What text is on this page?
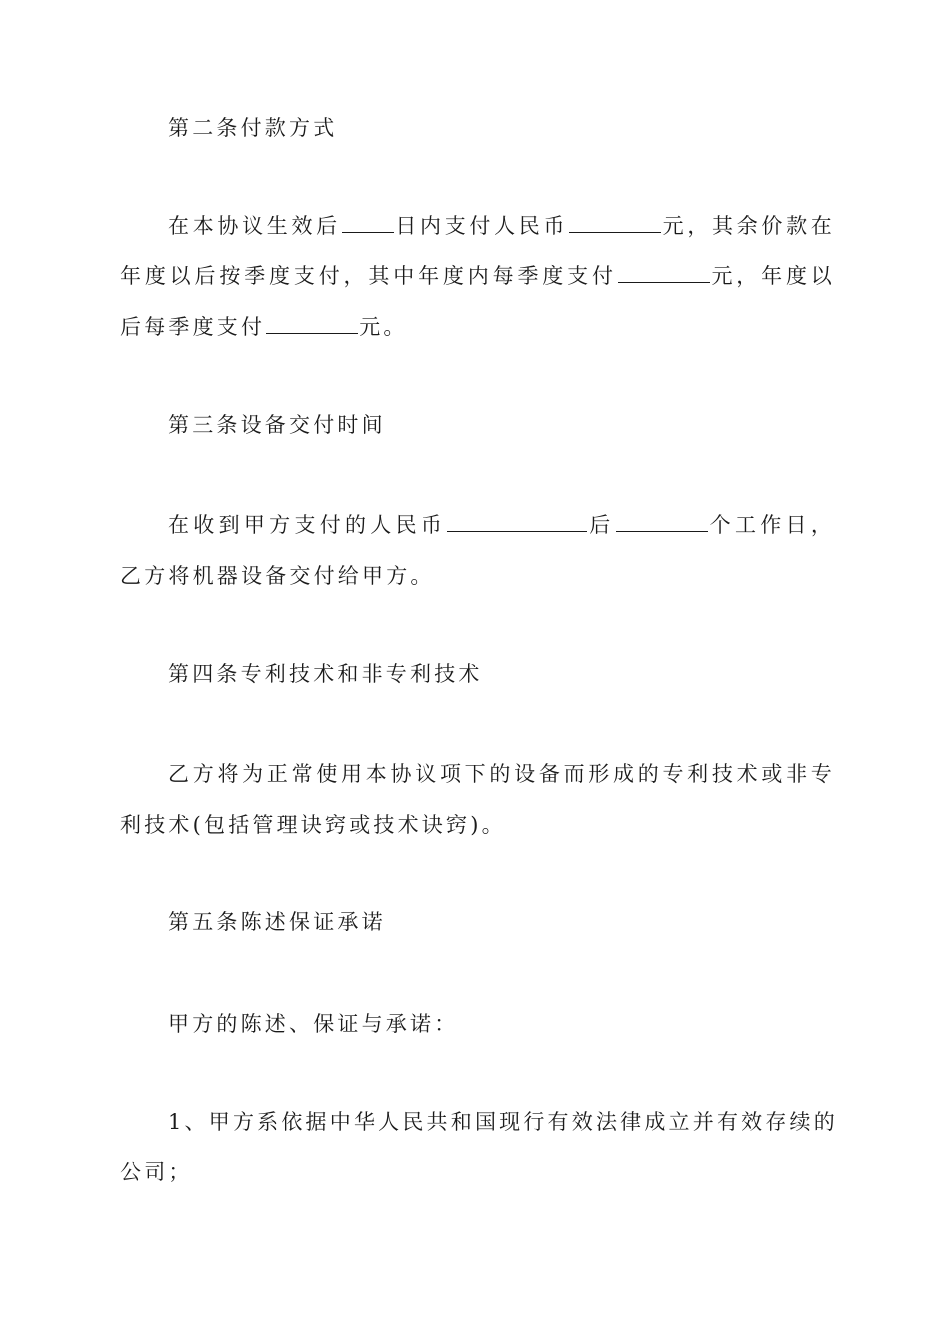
第二条付款方式
在本协议生效后	日内支付人民币	元，其余价款在
年度以后按季度支付，其中年度内每季度支付	元，年度以
后每季度支付	元。
第三条设备交付时间
在收到甲方支付的人民币	后	个工作日，
乙方将机器设备交付给甲方。
第四条专利技术和非专利技术
乙方将为正常使用本协议项下的设备而形成的专利技术或非专
利技术(包括管理诀窍或技术诀窍)。
第五条陈述保证承诺
甲方的陈述、保证与承诺：
1、甲方系依据中华人民共和国现行有效法律成立并有效存续的
公司；
